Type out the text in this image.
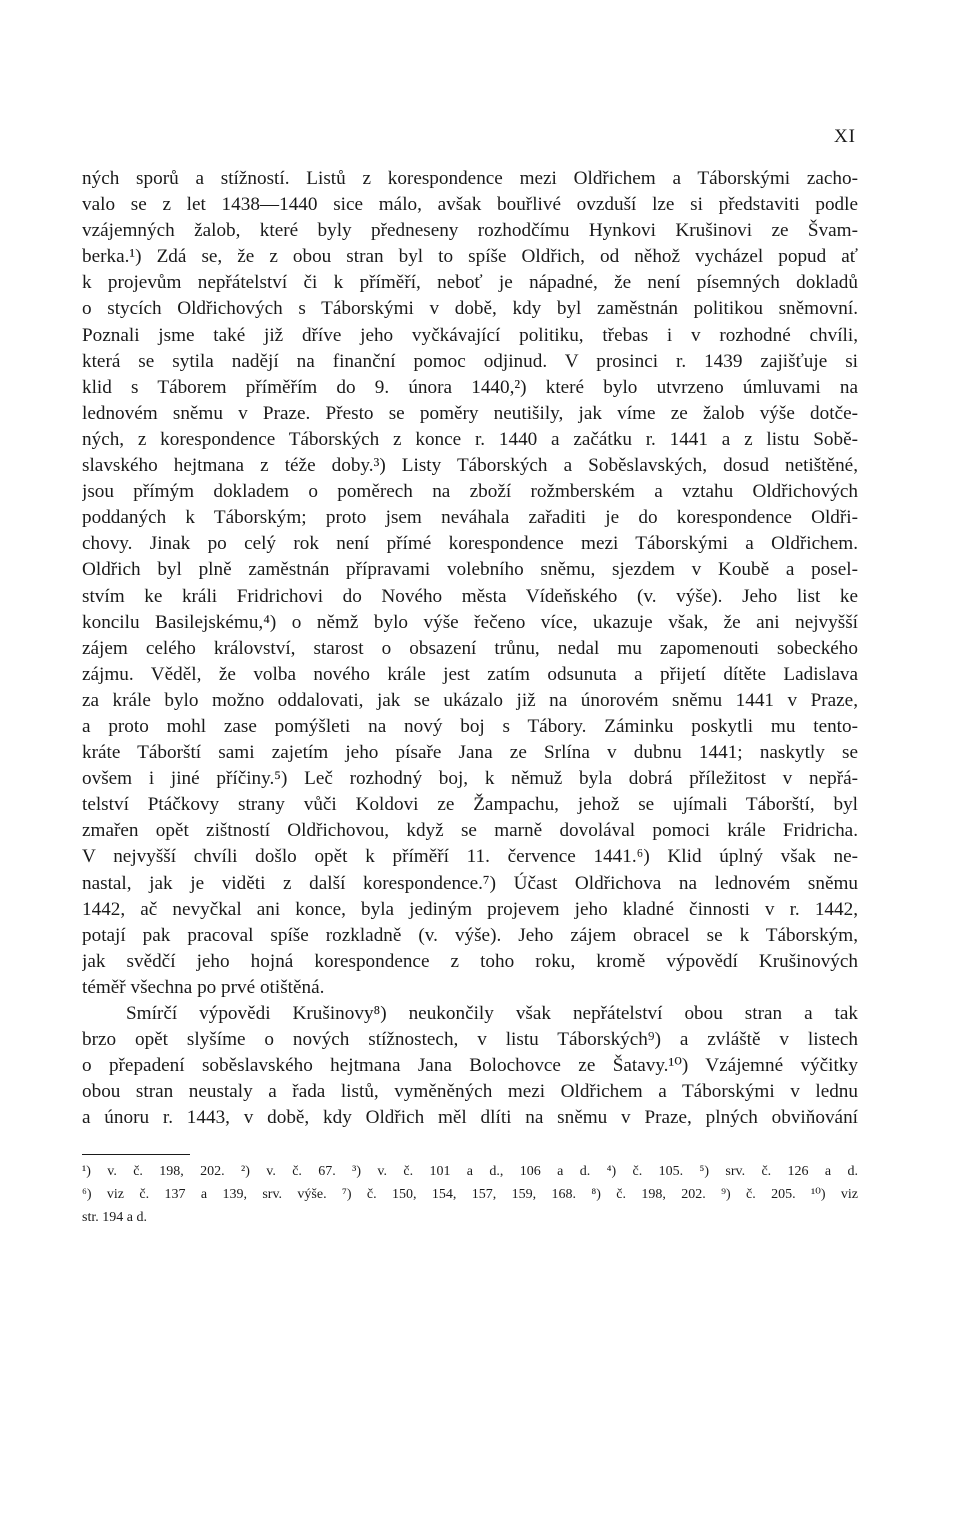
XI
ných sporů a stížností. Listů z korespondence mezi Oldřichem a Táborskými zacho-
valo se z let 1438—1440 sice málo, avšak bouřlivé ovzduší lze si představiti podle
vzájemných žalob, které byly předneseny rozhodčímu Hynkovi Krušinovi ze Švam-
berka.¹) Zdá se, že z obou stran byl to spíše Oldřich, od něhož vycházel popud ať
k projevům nepřátelství či k příměří, neboť je nápadné, že není písemných dokladů
o stycích Oldřichových s Táborskými v době, kdy byl zaměstnán politikou sněmovní.
Poznali jsme také již dříve jeho vyčkávající politiku, třebas i v rozhodné chvíli,
která se sytila nadějí na finanční pomoc odjinud. V prosinci r. 1439 zajišťuje si
klid s Táborem příměřím do 9. února 1440,²) které bylo utvrzeno úmluvami na
lednovém sněmu v Praze. Přesto se poměry neutišily, jak víme ze žalob výše dotče-
ných, z korespondence Táborských z konce r. 1440 a začátku r. 1441 a z listu Sobě-
slavského hejtmana z téže doby.³) Listy Táborských a Soběslavských, dosud netištěné,
jsou přímým dokladem o poměrech na zboží rožmberském a vztahu Oldřichových
poddaných k Táborským; proto jsem neváhala zařaditi je do korespondence Oldři-
chovy. Jinak po celý rok není přímé korespondence mezi Táborskými a Oldřichem.
Oldřich byl plně zaměstnán přípravami volebního sněmu, sjezdem v Koubě a posel-
stvím ke králi Fridrichovi do Nového města Vídeňského (v. výše). Jeho list ke
koncilu Basilejskému,⁴) o němž bylo výše řečeno více, ukazuje však, že ani nejvyšší
zájem celého království, starost o obsazení trůnu, nedal mu zapomenouti sobeckého
zájmu. Věděl, že volba nového krále jest zatím odsunuta a přijetí dítěte Ladislava
za krále bylo možno oddalovati, jak se ukázalo již na únorovém sněmu 1441 v Praze,
a proto mohl zase pomýšleti na nový boj s Tábory. Záminku poskytli mu tento-
kráte Táborští sami zajetím jeho písaře Jana ze Srlína v dubnu 1441; naskytly se
ovšem i jiné příčiny.⁵) Leč rozhodný boj, k němuž byla dobrá příležitost v nepřá-
telství Ptáčkovy strany vůči Koldovi ze Žampachu, jehož se ujímali Táborští, byl
zmařen opět zištností Oldřichovou, když se marně dovolával pomoci krále Fridricha.
V nejvyšší chvíli došlo opět k příměří 11. července 1441.⁶) Klid úplný však ne-
nastal, jak je viděti z další korespondence.⁷) Účast Oldřichova na lednovém sněmu
1442, ač nevyčkal ani konce, byla jediným projevem jeho kladné činnosti v r. 1442,
potají pak pracoval spíše rozkladně (v. výše). Jeho zájem obracel se k Táborským,
jak svědčí jeho hojná korespondence z toho roku, kromě výpovědí Krušinových
téměř všechna po prvé otištěná.
Smírčí výpovědi Krušinovy⁸) neukončily však nepřátelství obou stran a tak
brzo opět slyšíme o nových stížnostech, v listu Táborských⁹) a zvláště v listech
o přepadení soběslavského hejtmana Jana Bolochovce ze Šatavy.¹⁰) Vzájemné výčitky
obou stran neustaly a řada listů, vyměněných mezi Oldřichem a Táborskými v lednu
a únoru r. 1443, v době, kdy Oldřich měl dlíti na sněmu v Praze, plných obviňování
¹) v. č. 198, 202. ²) v. č. 67. ³) v. č. 101 a d., 106 a d. ⁴) č. 105. ⁵) srv. č. 126 a d.
⁶) viz č. 137 a 139, srv. výše. ⁷) č. 150, 154, 157, 159, 168. ⁸) č. 198, 202. ⁹) č. 205. ¹⁰) viz
str. 194 a d.
